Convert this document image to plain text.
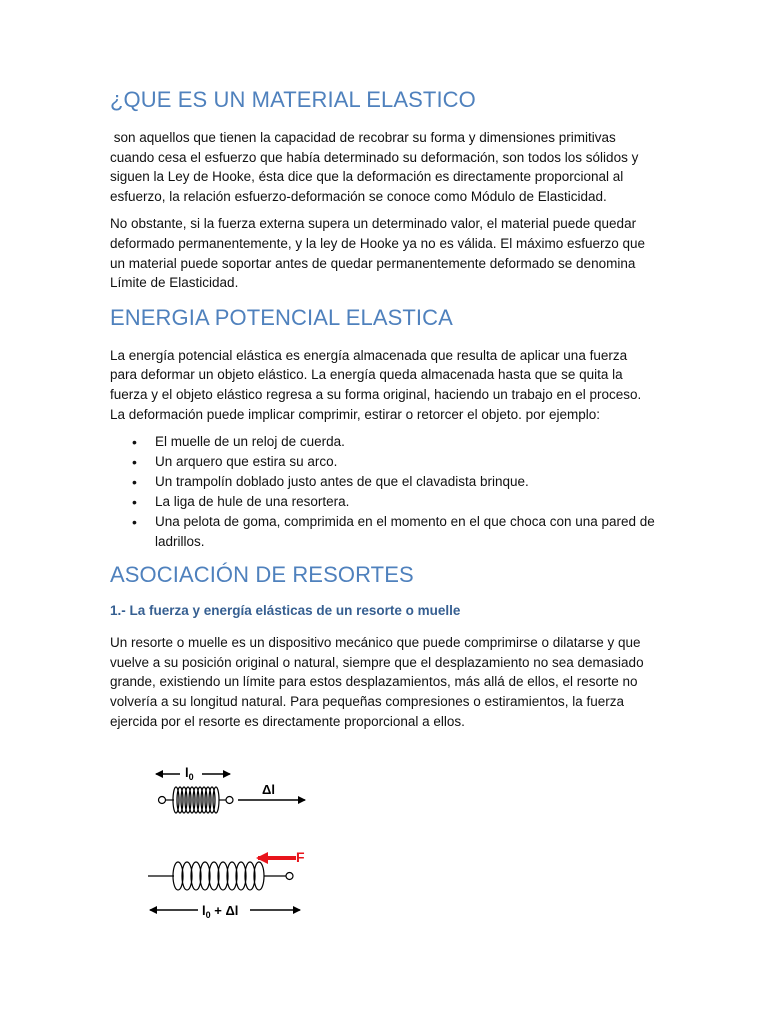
¿QUE ES UN MATERIAL ELASTICO

son aquellos que tienen la capacidad de recobrar su forma y dimensiones primitivas cuando cesa el esfuerzo que había determinado su deformación, son todos los sólidos y siguen la Ley de Hooke, ésta dice que la deformación es directamente proporcional al esfuerzo, la relación esfuerzo-deformación se conoce como Módulo de Elasticidad.

No obstante, si la fuerza externa supera un determinado valor, el material puede quedar deformado permanentemente, y la ley de Hooke ya no es válida. El máximo esfuerzo que un material puede soportar antes de quedar permanentemente deformado se denomina Límite de Elasticidad.

ENERGIA POTENCIAL ELASTICA

La energía potencial elástica es energía almacenada que resulta de aplicar una fuerza para deformar un objeto elástico. La energía queda almacenada hasta que se quita la fuerza y el objeto elástico regresa a su forma original, haciendo un trabajo en el proceso. La deformación puede implicar comprimir, estirar o retorcer el objeto. por ejemplo:

• El muelle de un reloj de cuerda.
• Un arquero que estira su arco.
• Un trampolín doblado justo antes de que el clavadista brinque.
• La liga de hule de una resortera.
• Una pelota de goma, comprimida en el momento en el que choca con una pared de ladrillos.
ASOCIACIÓN DE RESORTES
1.- La fuerza y energía elásticas de un resorte o muelle

Un resorte o muelle es un dispositivo mecánico que puede comprimirse o dilatarse y que vuelve a su posición original o natural, siempre que el desplazamiento no sea demasiado grande, existiendo un límite para estos desplazamientos, más allá de ellos, el resorte no volvería a su longitud natural. Para pequeñas compresiones o estiramientos, la fuerza ejercida por el resorte es directamente proporcional a ellos.

$l_0$
Δl
F
$l_0 + \Delta l$
